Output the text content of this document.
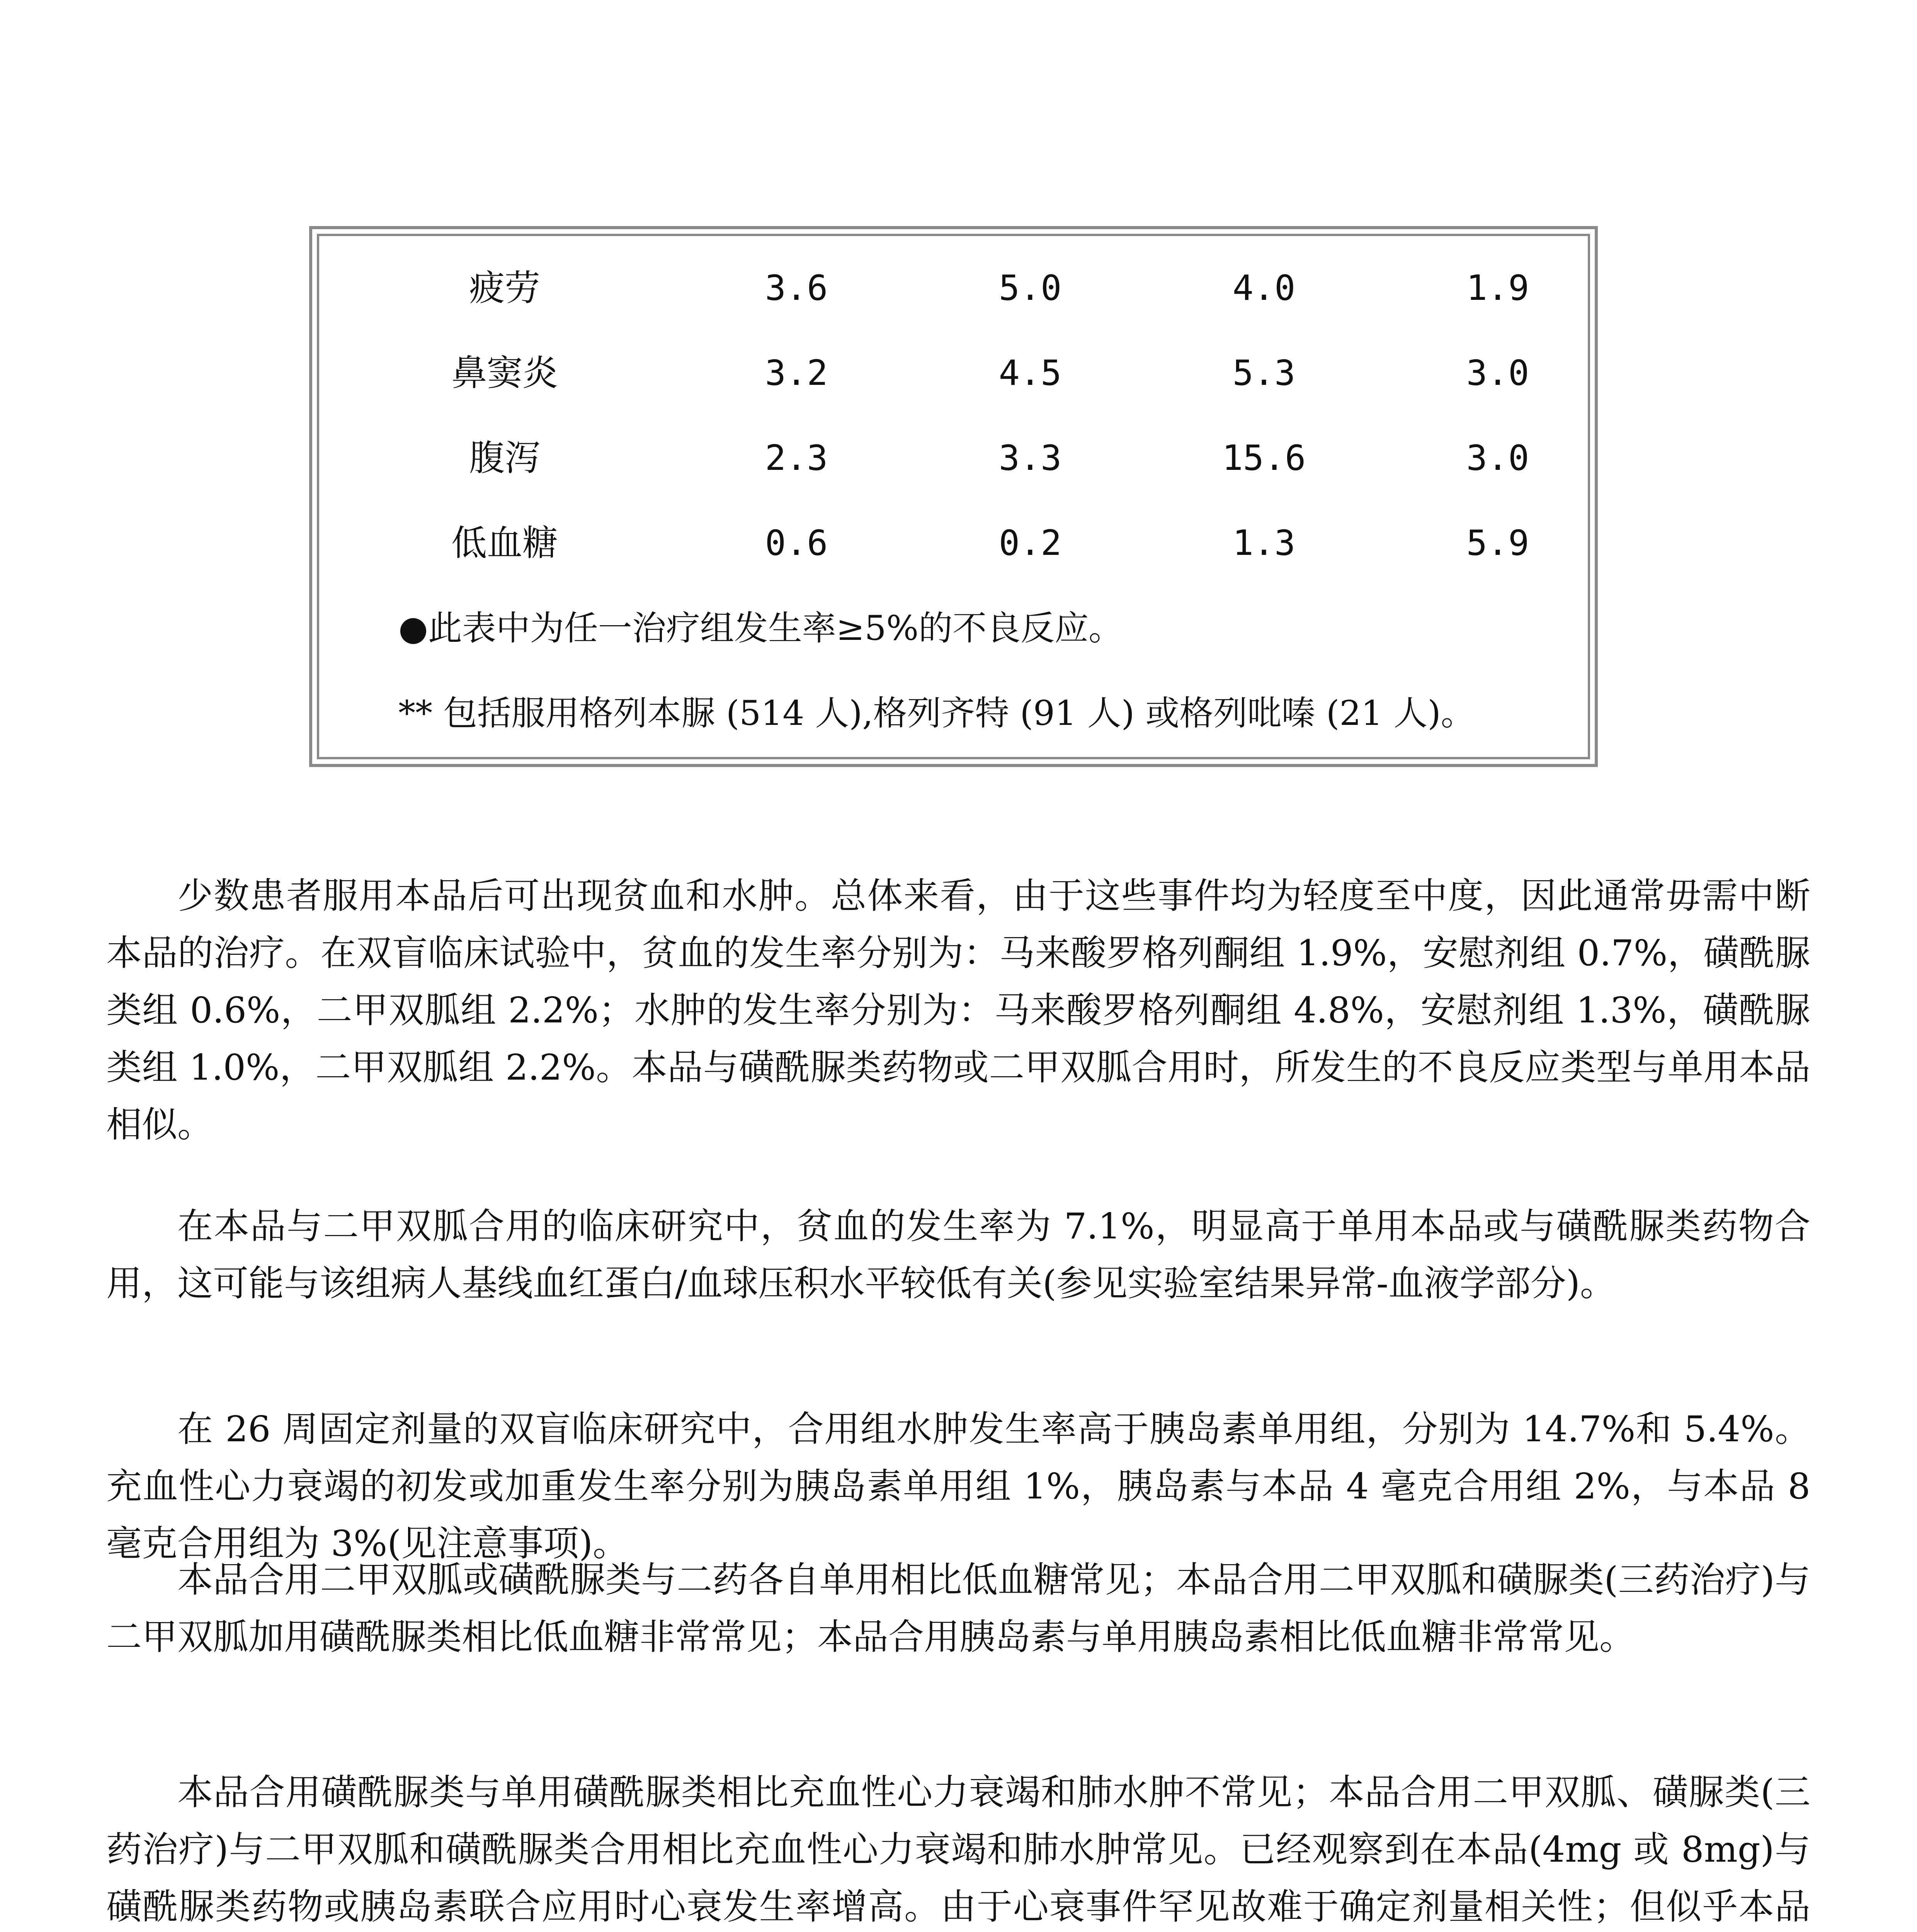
疲劳	3.6	5.0	4.0	1.9
鼻窦炎	3.2	4.5	5.3	3.0
腹泻	2.3	3.3	15.6	3.0
低血糖	0.6	0.2	1.3	5.9
●此表中为任一治疗组发生率≥5%的不良反应。
** 包括服用格列本脲 (514 人),格列齐特 (91 人) 或格列吡嗪 (21 人)。

少数患者服用本品后可出现贫血和水肿。总体来看，由于这些事件均为轻度至中度，因此通常毋需中断本品的治疗。在双盲临床试验中，贫血的发生率分别为：马来酸罗格列酮组 1.9%，安慰剂组 0.7%，磺酰脲类组 0.6%，二甲双胍组 2.2%；水肿的发生率分别为：马来酸罗格列酮组 4.8%，安慰剂组 1.3%，磺酰脲类组 1.0%，二甲双胍组 2.2%。本品与磺酰脲类药物或二甲双胍合用时，所发生的不良反应类型与单用本品相似。

在本品与二甲双胍合用的临床研究中，贫血的发生率为 7.1%，明显高于单用本品或与磺酰脲类药物合用，这可能与该组病人基线血红蛋白/血球压积水平较低有关(参见实验室结果异常-血液学部分)。

在 26 周固定剂量的双盲临床研究中，合用组水肿发生率高于胰岛素单用组，分别为 14.7%和 5.4%。充血性心力衰竭的初发或加重发生率分别为胰岛素单用组 1%，胰岛素与本品 4 毫克合用组 2%，与本品 8 毫克合用组为 3%(见注意事项)。

本品合用二甲双胍或磺酰脲类与二药各自单用相比低血糖常见；本品合用二甲双胍和磺脲类(三药治疗)与二甲双胍加用磺酰脲类相比低血糖非常常见；本品合用胰岛素与单用胰岛素相比低血糖非常常见。

本品合用磺酰脲类与单用磺酰脲类相比充血性心力衰竭和肺水肿不常见；本品合用二甲双胍、磺脲类(三药治疗)与二甲双胍和磺酰脲类合用相比充血性心力衰竭和肺水肿常见。已经观察到在本品(4mg 或 8mg)与磺酰脲类药物或胰岛素联合应用时心衰发生率增高。由于心衰事件罕见故难于确定剂量相关性；但似乎本品
